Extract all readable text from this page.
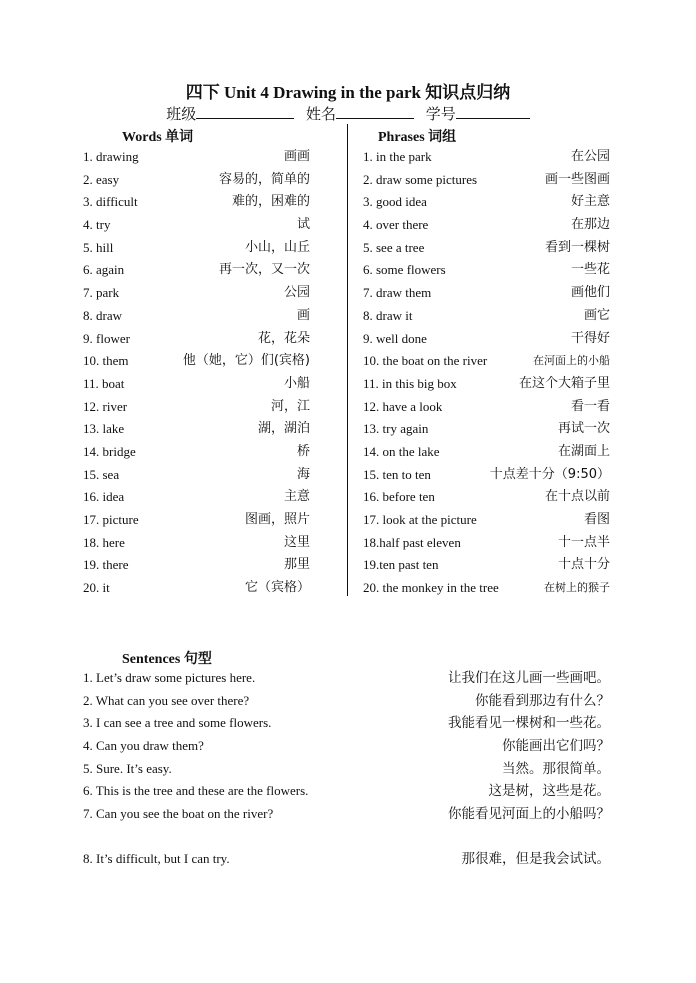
四下 Unit 4 Drawing in the park 知识点归纳
班级	姓名	学号
Words 单词	Phrases 词组
1. drawing	画画
2. easy	容易的，简单的
3. difficult	难的，困难的
4. try	试
5. hill	小山，山丘
6. again	再一次，又一次
7. park	公园
8. draw	画
9. flower	花，花朵
10. them	他（她，它）们(宾格)
11. boat	小船
12. river	河，江
13. lake	湖，湖泊
14. bridge	桥
15. sea	海
16. idea	主意
17. picture	图画，照片
18. here	这里
19. there	那里
20. it	它（宾格）
1. in the park	在公园
2. draw some pictures	画一些图画
3. good idea	好主意
4. over there	在那边
5. see a tree	看到一棵树
6. some flowers	一些花
7. draw them	画他们
8. draw it	画它
9. well done	干得好
10. the boat on the river	在河面上的小船
11. in this big box	在这个大箱子里
12. have a look	看一看
13. try again	再试一次
14. on the lake	在湖面上
15. ten to ten	十点差十分（9:50）
16. before ten	在十点以前
17. look at the picture	看图
18.half past eleven	十一点半
19.ten past ten	十点十分
20. the monkey in the tree	在树上的猴子
Sentences 句型
1. Let’s draw some pictures here.	让我们在这儿画一些画吧。
2. What can you see over there?	你能看到那边有什么？
3. I can see a tree and some flowers.	我能看见一棵树和一些花。
4. Can you draw them?	你能画出它们吗？
5. Sure. It’s easy.	当然。那很简单。
6. This is the tree and these are the flowers.	这是树，这些是花。
7. Can you see the boat on the river?	你能看见河面上的小船吗？
8. It’s difficult, but I can try.	那很难，但是我会试试。
